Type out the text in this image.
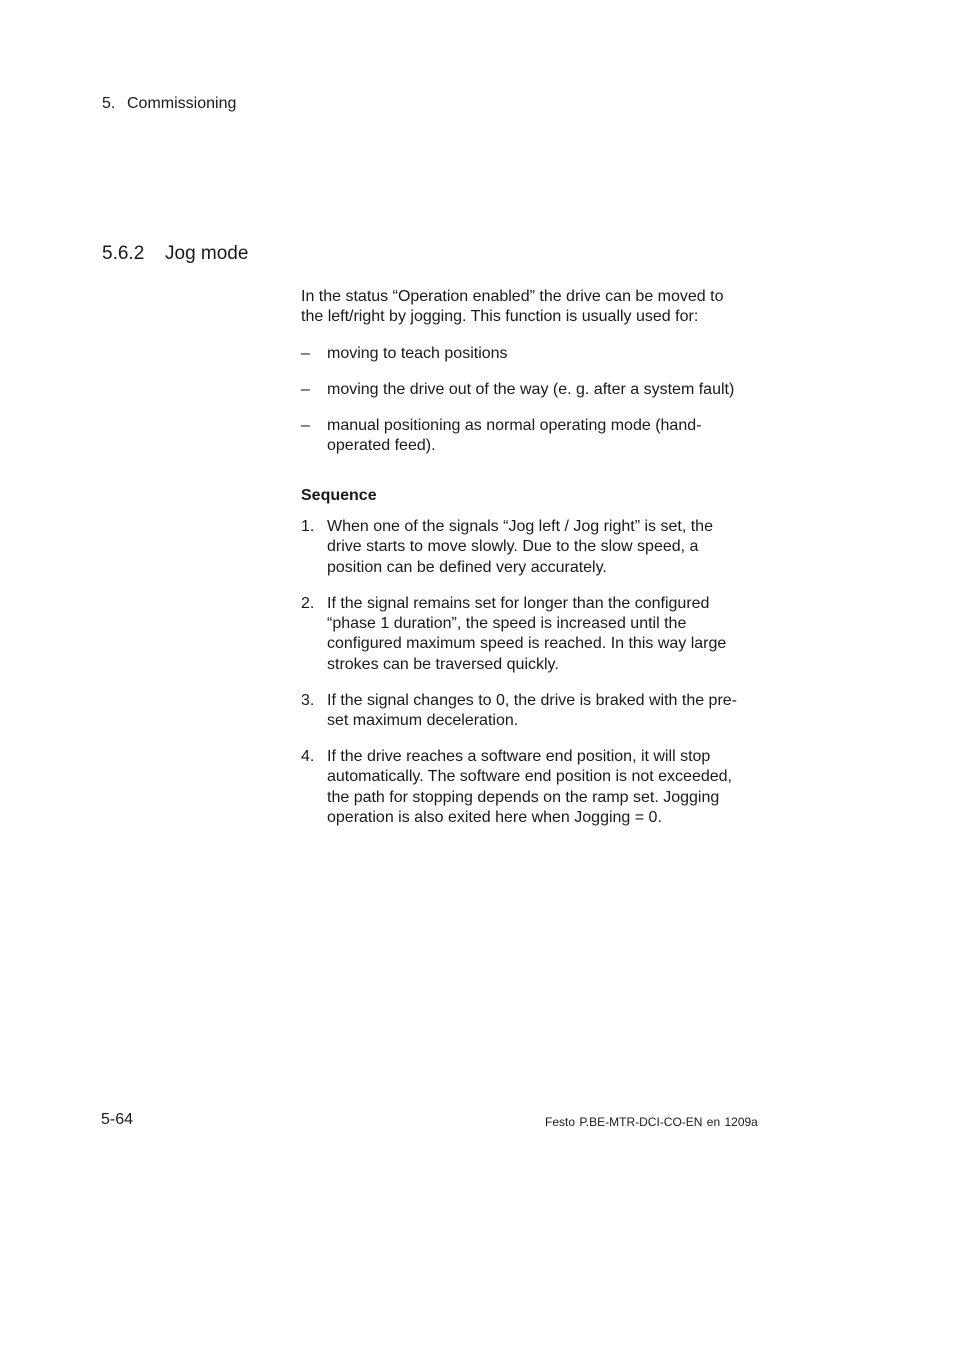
5. Commissioning
5.6.2 Jog mode

In the status “Operation enabled” the drive can be moved to the left/right by jogging. This function is usually used for:

– moving to teach positions
– moving the drive out of the way (e. g. after a system fault)
– manual positioning as normal operating mode (hand-operated feed).
Sequence
1. When one of the signals “Jog left / Jog right” is set, the drive starts to move slowly. Due to the slow speed, a position can be defined very accurately.
2. If the signal remains set for longer than the configured “phase 1 duration”, the speed is increased until the configured maximum speed is reached. In this way large strokes can be traversed quickly.
3. If the signal changes to 0, the drive is braked with the pre-set maximum deceleration.
4. If the drive reaches a software end position, it will stop automatically. The software end position is not exceeded, the path for stopping depends on the ramp set. Jogging operation is also exited here when Jogging = 0.
5-64	Festo P.BE-MTR-DCI-CO-EN en 1209a
